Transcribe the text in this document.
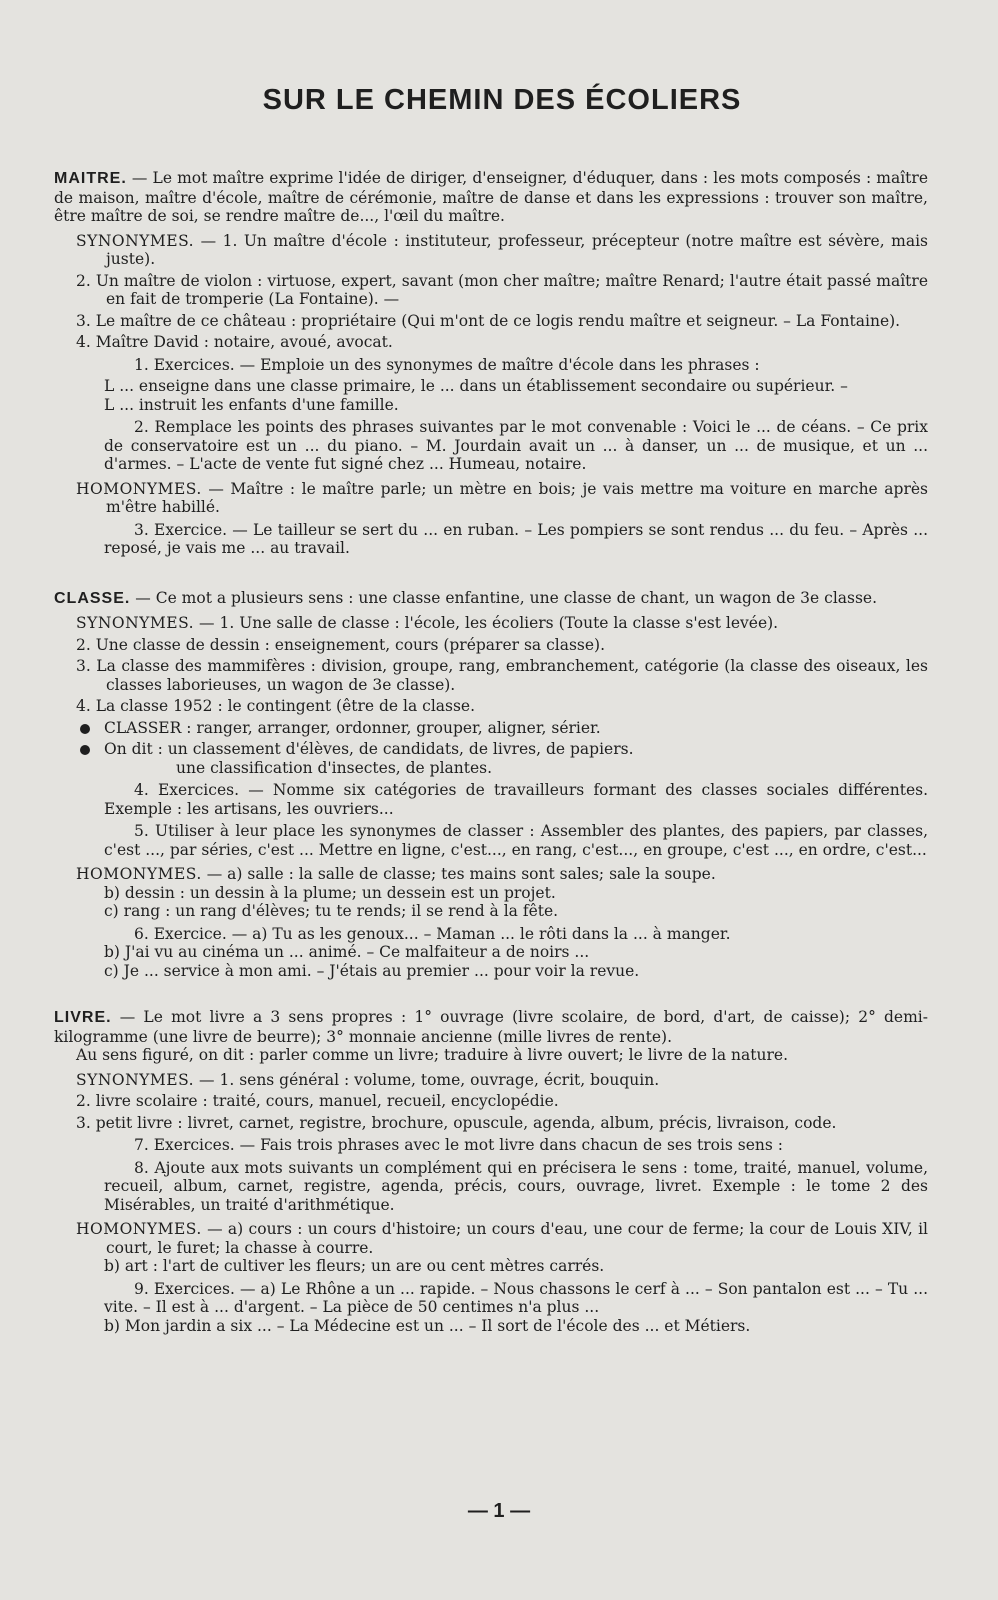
SUR LE CHEMIN DES ÉCOLIERS

MAITRE. — Le mot maître exprime l'idée de diriger, d'enseigner, d'éduquer, dans : les mots composés : maître de maison, maître d'école, maître de cérémonie, maître de danse et dans les expressions : trouver son maître, être maître de soi, se rendre maître de..., l'œil du maître.

SYNONYMES. — 1. Un maître d'école : instituteur, professeur, précepteur (notre maître est sévère, mais juste).

2. Un maître de violon : virtuose, expert, savant (mon cher maître; maître Renard; l'autre était passé maître en fait de tromperie (La Fontaine). —

3. Le maître de ce château : propriétaire (Qui m'ont de ce logis rendu maître et seigneur. – La Fontaine).

4. Maître David : notaire, avoué, avocat.

1. Exercices. — Emploie un des synonymes de maître d'école dans les phrases :

L ... enseigne dans une classe primaire, le ... dans un établissement secondaire ou supérieur. –

L ... instruit les enfants d'une famille.

2. Remplace les points des phrases suivantes par le mot convenable : Voici le ... de céans. – Ce prix de conservatoire est un ... du piano. – M. Jourdain avait un ... à danser, un ... de musique, et un ... d'armes. – L'acte de vente fut signé chez ... Humeau, notaire.

HOMONYMES. — Maître : le maître parle; un mètre en bois; je vais mettre ma voiture en marche après m'être habillé.

3. Exercice. — Le tailleur se sert du ... en ruban. – Les pompiers se sont rendus ... du feu. – Après ... reposé, je vais me ... au travail.

CLASSE. — Ce mot a plusieurs sens : une classe enfantine, une classe de chant, un wagon de 3e classe.

SYNONYMES. — 1. Une salle de classe : l'école, les écoliers (Toute la classe s'est levée).

2. Une classe de dessin : enseignement, cours (préparer sa classe).

3. La classe des mammifères : division, groupe, rang, embranchement, catégorie (la classe des oiseaux, les classes laborieuses, un wagon de 3e classe).

4. La classe 1952 : le contingent (être de la classe.

CLASSER : ranger, arranger, ordonner, grouper, aligner, sérier.

On dit : un classement d'élèves, de candidats, de livres, de papiers.

une classification d'insectes, de plantes.

4. Exercices. — Nomme six catégories de travailleurs formant des classes sociales différentes. Exemple : les artisans, les ouvriers...

5. Utiliser à leur place les synonymes de classer : Assembler des plantes, des papiers, par classes, c'est ..., par séries, c'est ... Mettre en ligne, c'est..., en rang, c'est..., en groupe, c'est ..., en ordre, c'est...

HOMONYMES. — a) salle : la salle de classe; tes mains sont sales; sale la soupe.

b) dessin : un dessin à la plume; un dessein est un projet.

c) rang : un rang d'élèves; tu te rends; il se rend à la fête.

6. Exercice. — a) Tu as les genoux... – Maman ... le rôti dans la ... à manger.

b) J'ai vu au cinéma un ... animé. – Ce malfaiteur a de noirs ...

c) Je ... service à mon ami. – J'étais au premier ... pour voir la revue.

LIVRE. — Le mot livre a 3 sens propres : 1° ouvrage (livre scolaire, de bord, d'art, de caisse); 2° demi-kilogramme (une livre de beurre); 3° monnaie ancienne (mille livres de rente).

Au sens figuré, on dit : parler comme un livre; traduire à livre ouvert; le livre de la nature.

SYNONYMES. — 1. sens général : volume, tome, ouvrage, écrit, bouquin.

2. livre scolaire : traité, cours, manuel, recueil, encyclopédie.

3. petit livre : livret, carnet, registre, brochure, opuscule, agenda, album, précis, livraison, code.

7. Exercices. — Fais trois phrases avec le mot livre dans chacun de ses trois sens :

8. Ajoute aux mots suivants un complément qui en précisera le sens : tome, traité, manuel, volume, recueil, album, carnet, registre, agenda, précis, cours, ouvrage, livret. Exemple : le tome 2 des Misérables, un traité d'arithmétique.

HOMONYMES. — a) cours : un cours d'histoire; un cours d'eau, une cour de ferme; la cour de Louis XIV, il court, le furet; la chasse à courre.

b) art : l'art de cultiver les fleurs; un are ou cent mètres carrés.

9. Exercices. — a) Le Rhône a un ... rapide. – Nous chassons le cerf à ... – Son pantalon est ... – Tu ... vite. – Il est à ... d'argent. – La pièce de 50 centimes n'a plus ...

b) Mon jardin a six ... – La Médecine est un ... – Il sort de l'école des ... et Métiers.

— 1 —
